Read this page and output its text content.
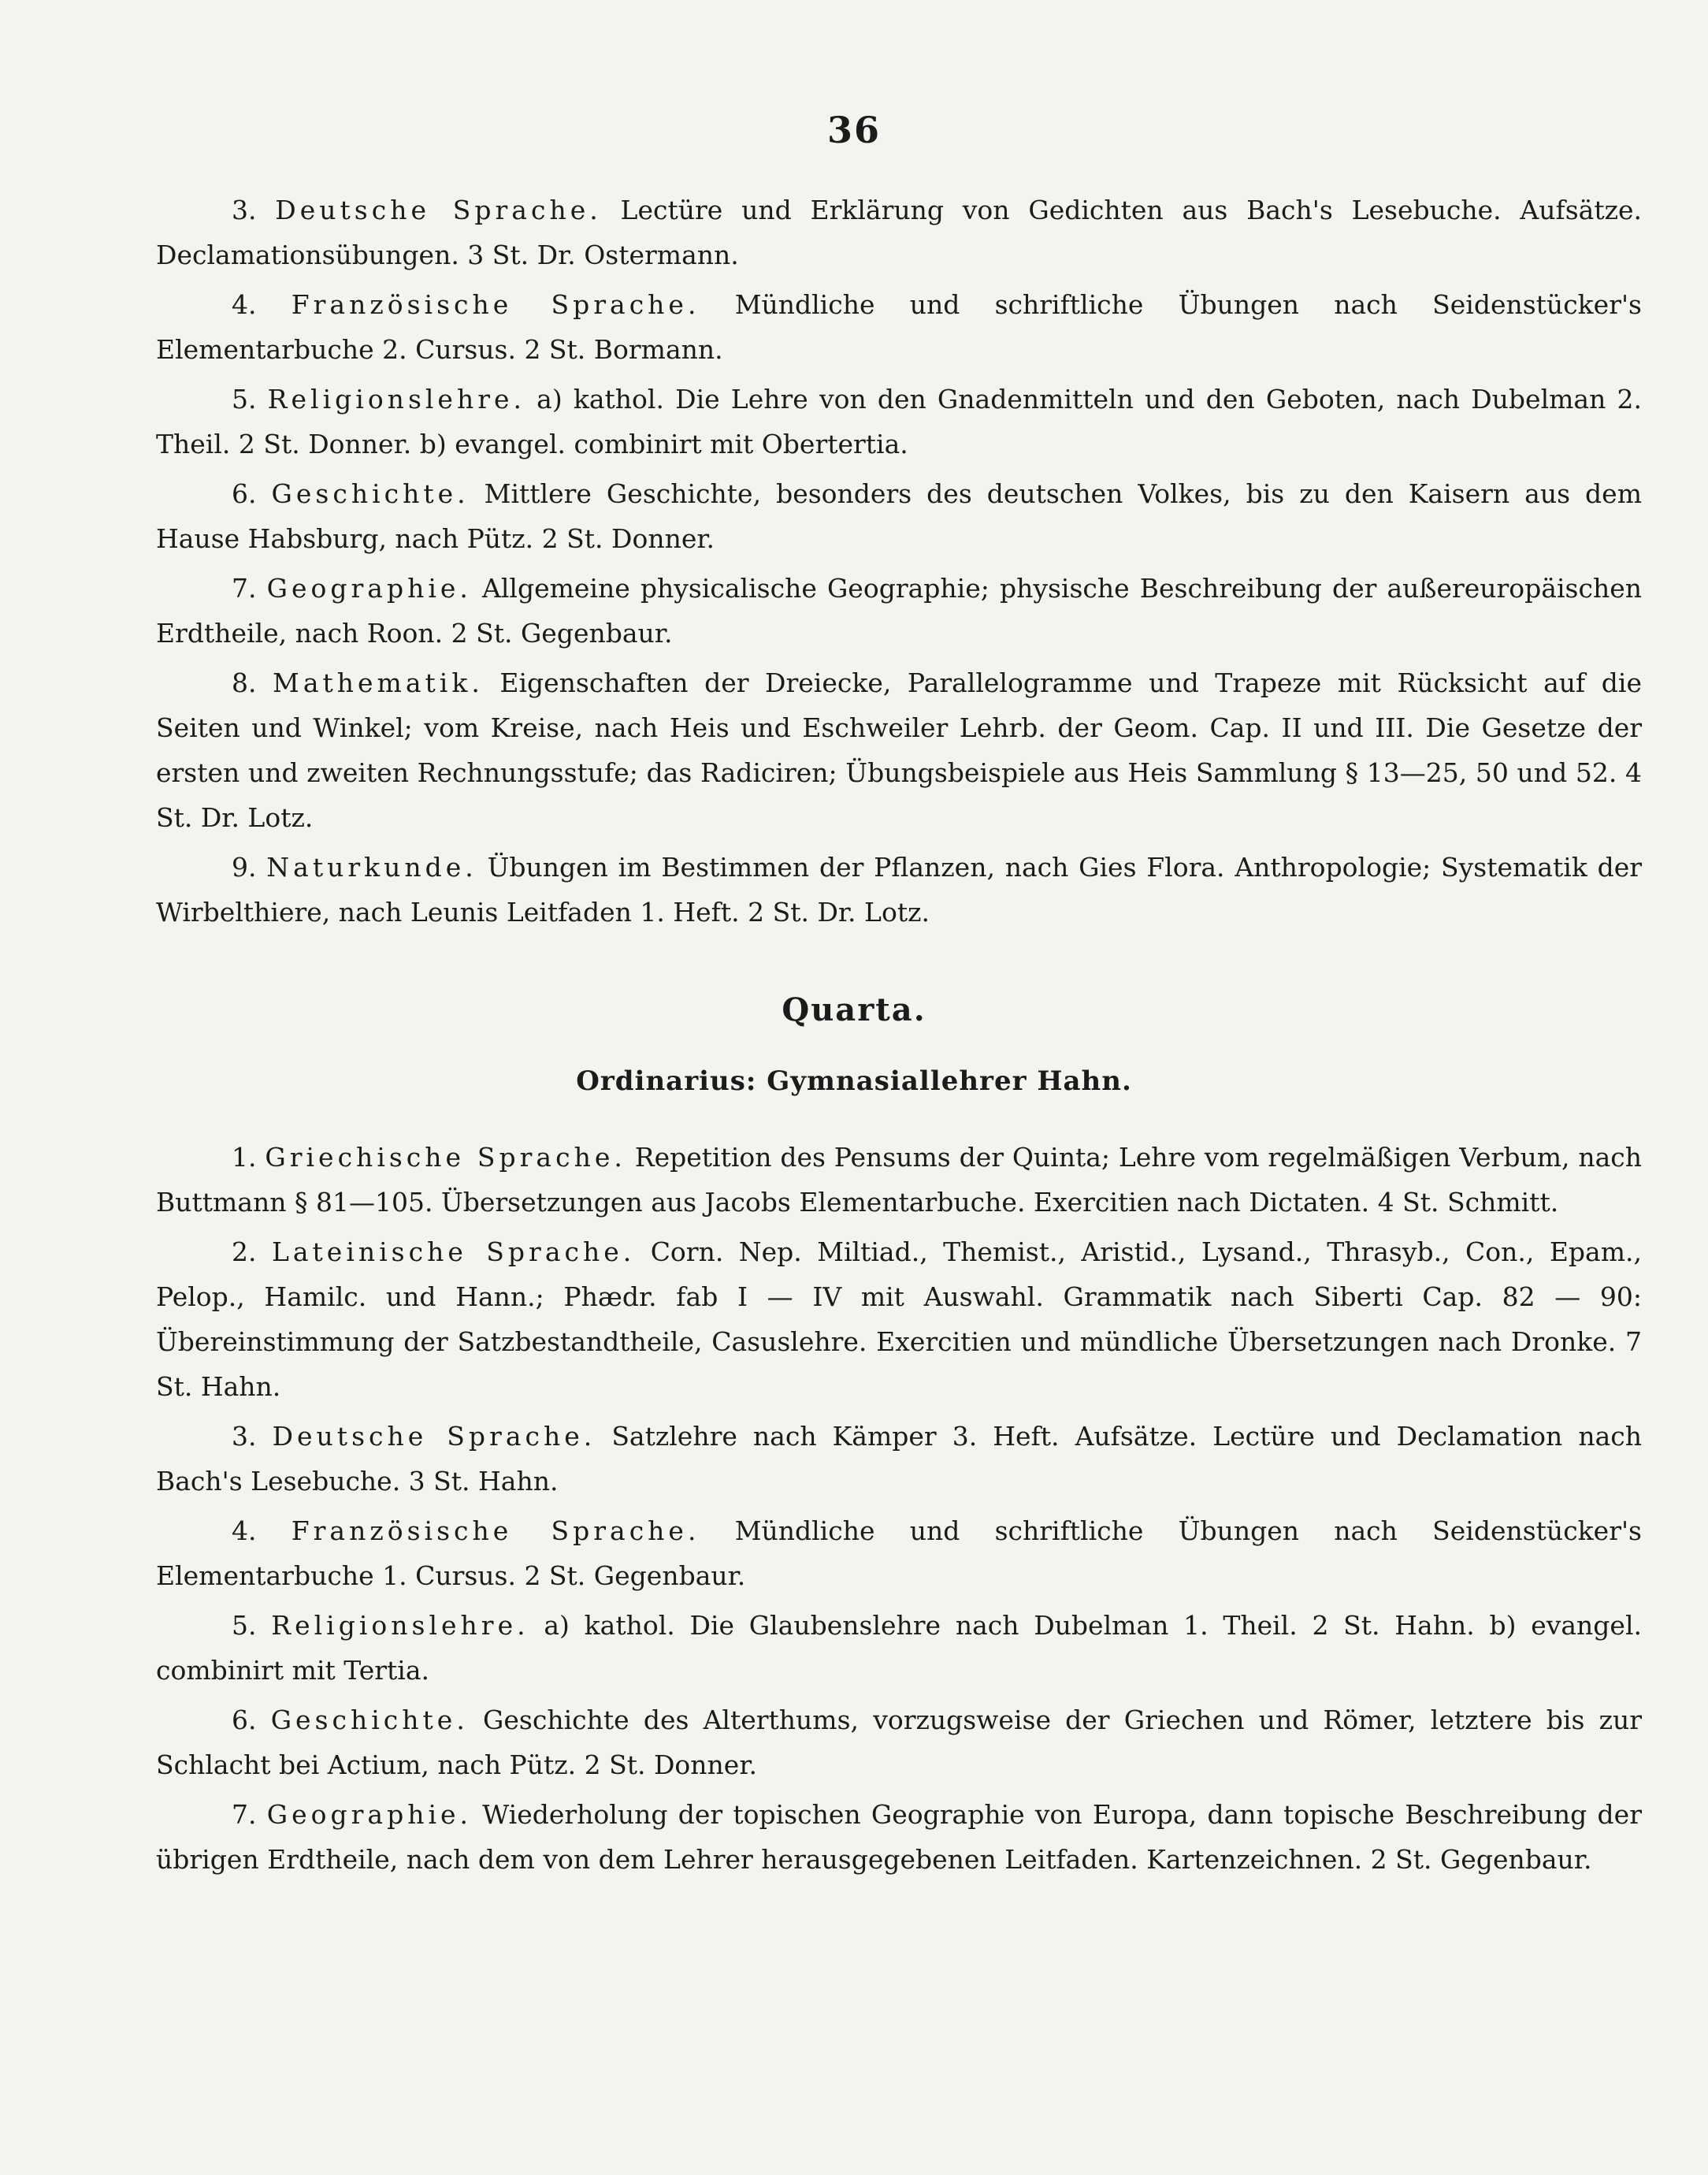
36

3. Deutsche Sprache. Lectüre und Erklärung von Gedichten aus Bach's Lesebuche. Aufsätze. Declamationsübungen. 3 St. Dr. Ostermann.

4. Französische Sprache. Mündliche und schriftliche Übungen nach Seidenstücker's Elementarbuche 2. Cursus. 2 St. Bormann.

5. Religionslehre. a) kathol. Die Lehre von den Gnadenmitteln und den Geboten, nach Dubelman 2. Theil. 2 St. Donner. b) evangel. combinirt mit Obertertia.

6. Geschichte. Mittlere Geschichte, besonders des deutschen Volkes, bis zu den Kaisern aus dem Hause Habsburg, nach Pütz. 2 St. Donner.

7. Geographie. Allgemeine physicalische Geographie; physische Beschreibung der außereuropäischen Erdtheile, nach Roon. 2 St. Gegenbaur.

8. Mathematik. Eigenschaften der Dreiecke, Parallelogramme und Trapeze mit Rücksicht auf die Seiten und Winkel; vom Kreise, nach Heis und Eschweiler Lehrb. der Geom. Cap. II und III. Die Gesetze der ersten und zweiten Rechnungsstufe; das Radiciren; Übungsbeispiele aus Heis Sammlung § 13—25, 50 und 52. 4 St. Dr. Lotz.

9. Naturkunde. Übungen im Bestimmen der Pflanzen, nach Gies Flora. Anthropologie; Systematik der Wirbelthiere, nach Leunis Leitfaden 1. Heft. 2 St. Dr. Lotz.

Quarta.
Ordinarius: Gymnasiallehrer Hahn.

1. Griechische Sprache. Repetition des Pensums der Quinta; Lehre vom regelmäßigen Verbum, nach Buttmann § 81—105. Übersetzungen aus Jacobs Elementarbuche. Exercitien nach Dictaten. 4 St. Schmitt.

2. Lateinische Sprache. Corn. Nep. Miltiad., Themist., Aristid., Lysand., Thrasyb., Con., Epam., Pelop., Hamilc. und Hann.; Phædr. fab I — IV mit Auswahl. Grammatik nach Siberti Cap. 82 — 90: Übereinstimmung der Satzbestandtheile, Casuslehre. Exercitien und mündliche Übersetzungen nach Dronke. 7 St. Hahn.

3. Deutsche Sprache. Satzlehre nach Kämper 3. Heft. Aufsätze. Lectüre und Declamation nach Bach's Lesebuche. 3 St. Hahn.

4. Französische Sprache. Mündliche und schriftliche Übungen nach Seidenstücker's Elementarbuche 1. Cursus. 2 St. Gegenbaur.

5. Religionslehre. a) kathol. Die Glaubenslehre nach Dubelman 1. Theil. 2 St. Hahn. b) evangel. combinirt mit Tertia.

6. Geschichte. Geschichte des Alterthums, vorzugsweise der Griechen und Römer, letztere bis zur Schlacht bei Actium, nach Pütz. 2 St. Donner.

7. Geographie. Wiederholung der topischen Geographie von Europa, dann topische Beschreibung der übrigen Erdtheile, nach dem von dem Lehrer herausgegebenen Leitfaden. Kartenzeichnen. 2 St. Gegenbaur.
